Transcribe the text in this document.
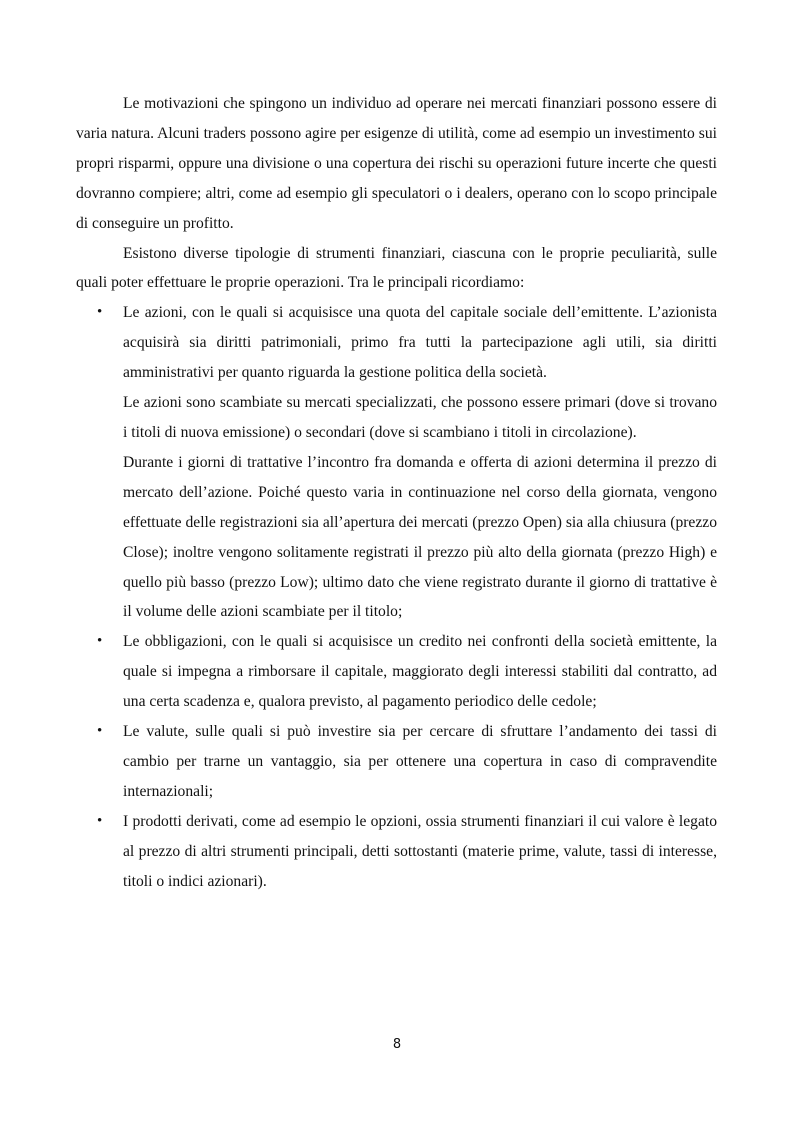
Le motivazioni che spingono un individuo ad operare nei mercati finanziari possono essere di varia natura. Alcuni traders possono agire per esigenze di utilità, come ad esempio un investimento sui propri risparmi, oppure una divisione o una copertura dei rischi su operazioni future incerte che questi dovranno compiere; altri, come ad esempio gli speculatori o i dealers, operano con lo scopo principale di conseguire un profitto.

Esistono diverse tipologie di strumenti finanziari, ciascuna con le proprie peculiarità, sulle quali poter effettuare le proprie operazioni. Tra le principali ricordiamo:

• Le azioni, con le quali si acquisisce una quota del capitale sociale dell’emittente. L’azionista acquisirà sia diritti patrimoniali, primo fra tutti la partecipazione agli utili, sia diritti amministrativi per quanto riguarda la gestione politica della società.
Le azioni sono scambiate su mercati specializzati, che possono essere primari (dove si trovano i titoli di nuova emissione) o secondari (dove si scambiano i titoli in circolazione).
Durante i giorni di trattative l’incontro fra domanda e offerta di azioni determina il prezzo di mercato dell’azione. Poiché questo varia in continuazione nel corso della giornata, vengono effettuate delle registrazioni sia all’apertura dei mercati (prezzo Open) sia alla chiusura (prezzo Close); inoltre vengono solitamente registrati il prezzo più alto della giornata (prezzo High) e quello più basso (prezzo Low); ultimo dato che viene registrato durante il giorno di trattative è il volume delle azioni scambiate per il titolo;
• Le obbligazioni, con le quali si acquisisce un credito nei confronti della società emittente, la quale si impegna a rimborsare il capitale, maggiorato degli interessi stabiliti dal contratto, ad una certa scadenza e, qualora previsto, al pagamento periodico delle cedole;
• Le valute, sulle quali si può investire sia per cercare di sfruttare l’andamento dei tassi di cambio per trarne un vantaggio, sia per ottenere una copertura in caso di compravendite internazionali;
• I prodotti derivati, come ad esempio le opzioni, ossia strumenti finanziari il cui valore è legato al prezzo di altri strumenti principali, detti sottostanti (materie prime, valute, tassi di interesse, titoli o indici azionari).
8
